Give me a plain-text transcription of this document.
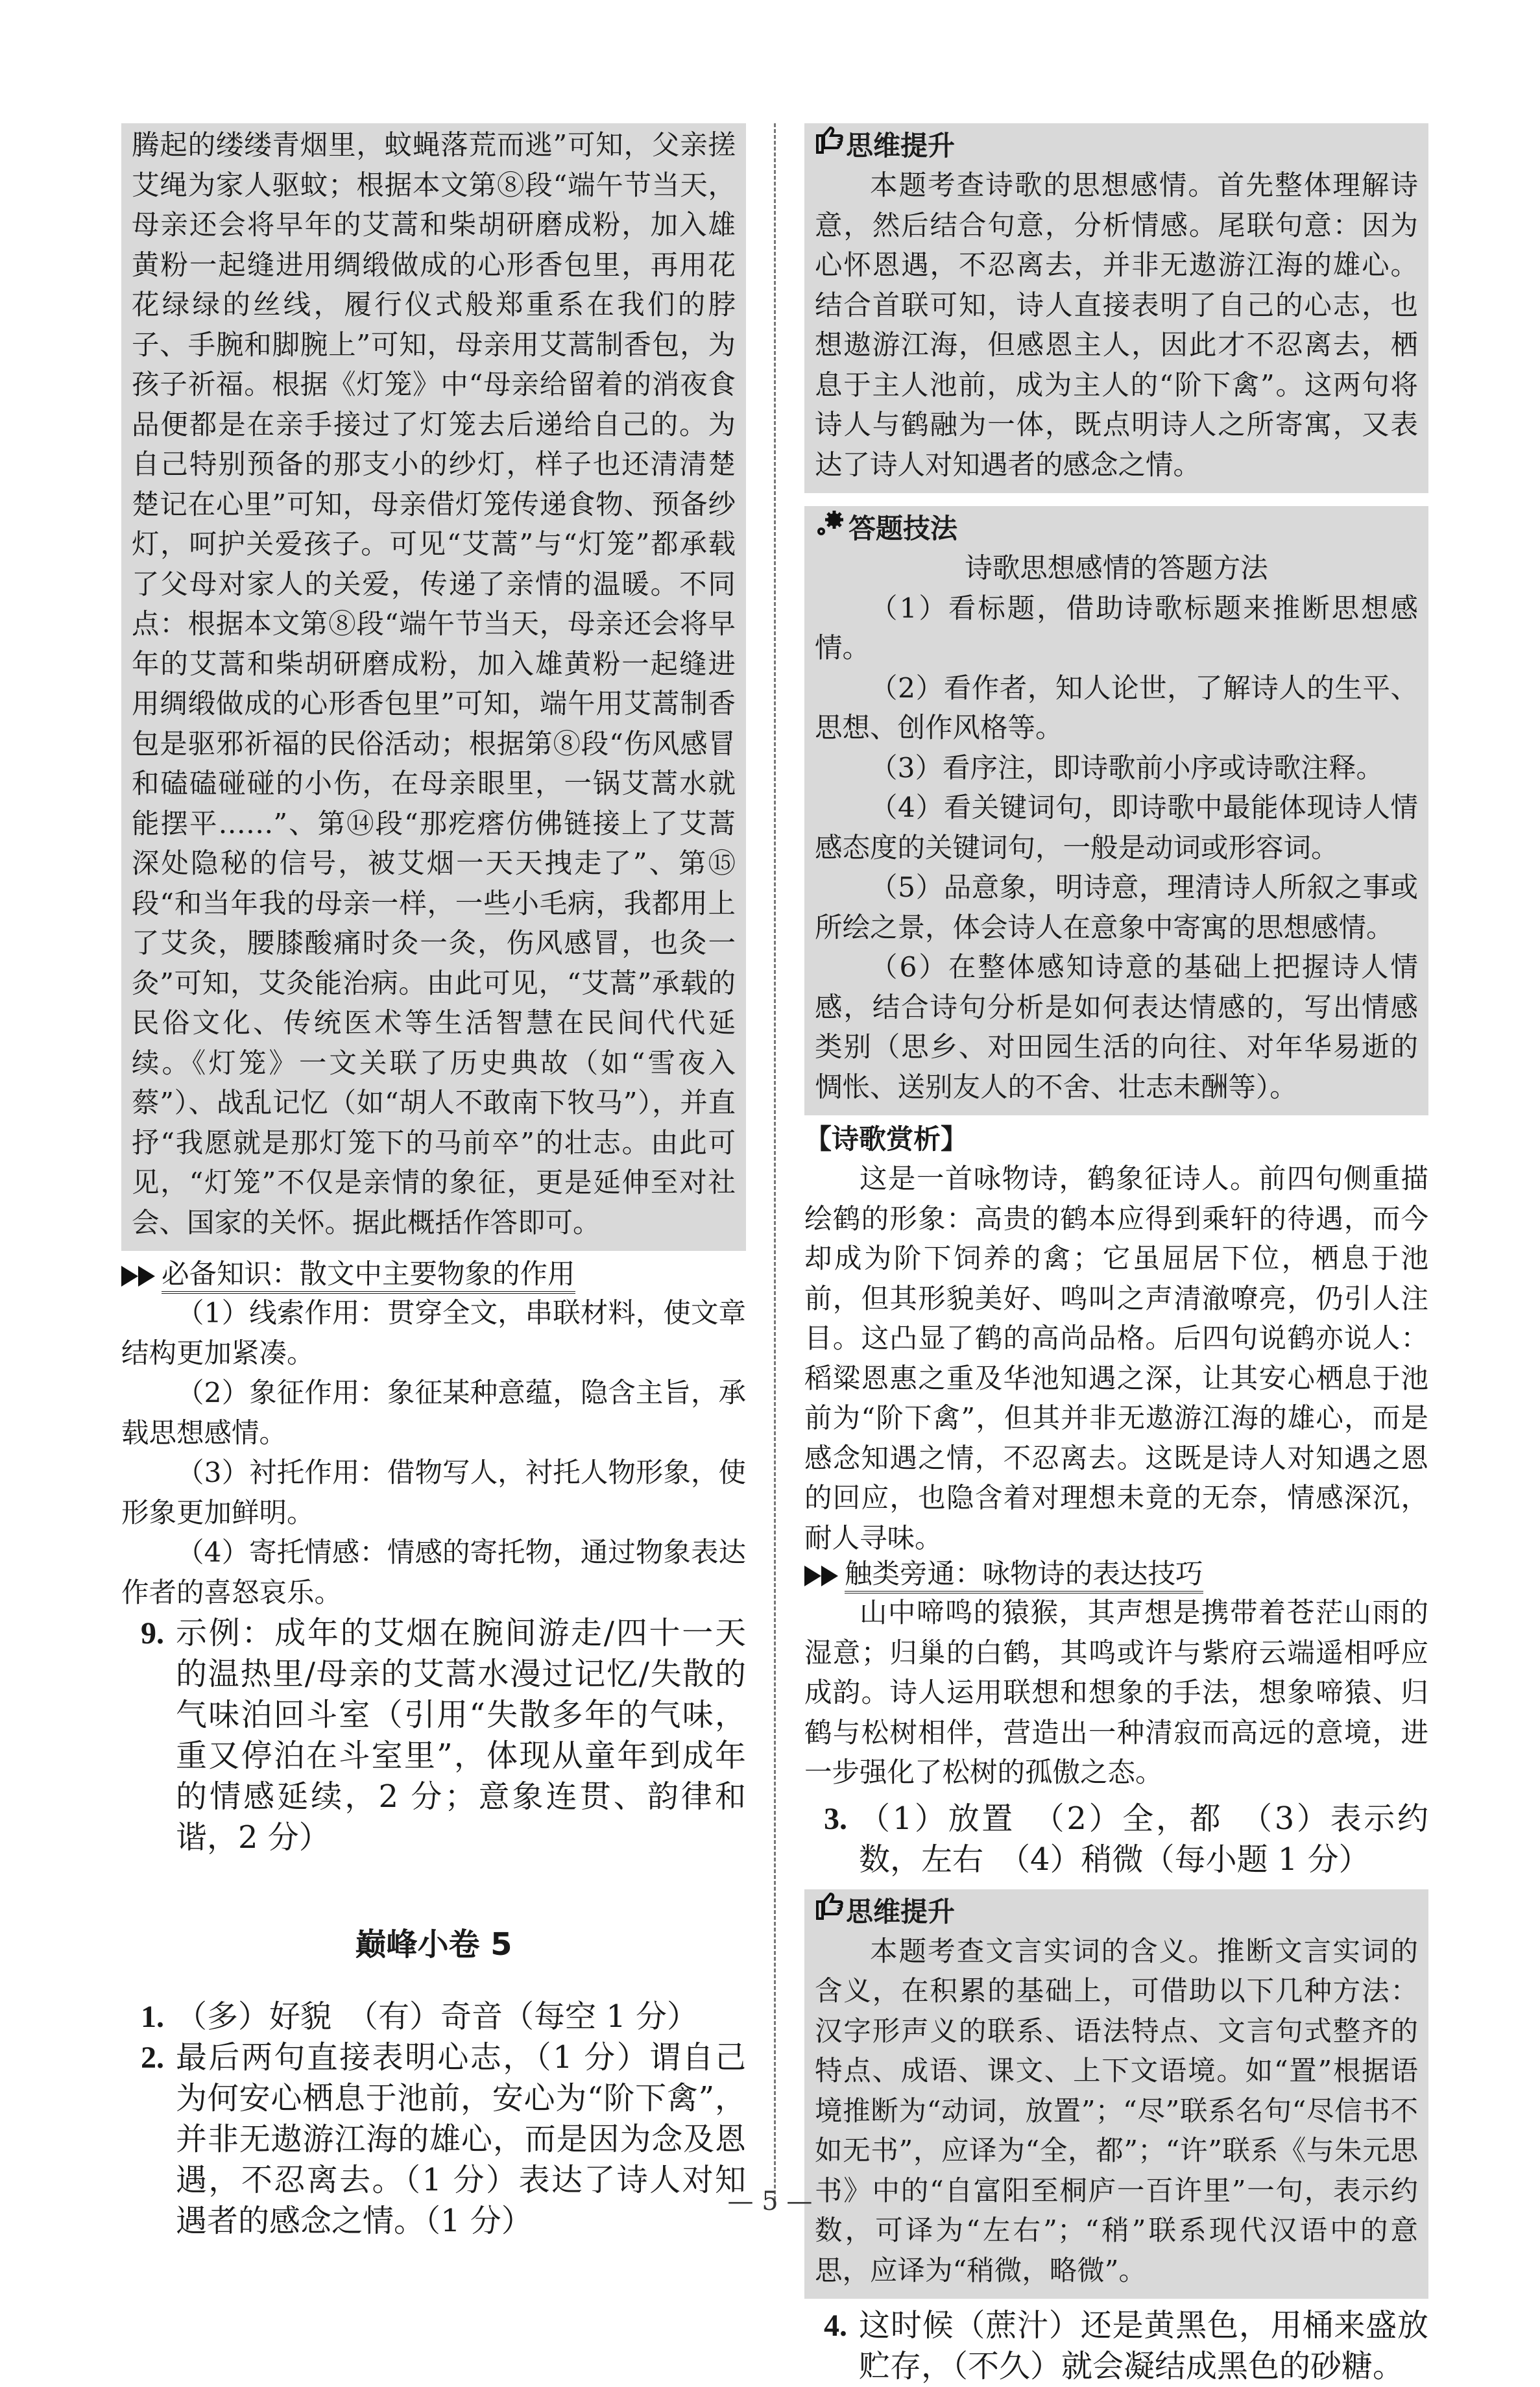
腾起的缕缕青烟里，蚊蝇落荒而逃”可知，父亲搓艾绳为家人驱蚊；根据本文第⑧段“端午节当天，母亲还会将早年的艾蒿和柴胡研磨成粉，加入雄黄粉一起缝进用绸缎做成的心形香包里，再用花花绿绿的丝线，履行仪式般郑重系在我们的脖子、手腕和脚腕上”可知，母亲用艾蒿制香包，为孩子祈福。根据《灯笼》中“母亲给留着的消夜食品便都是在亲手接过了灯笼去后递给自己的。为自己特别预备的那支小的纱灯，样子也还清清楚楚记在心里”可知，母亲借灯笼传递食物、预备纱灯，呵护关爱孩子。可见“艾蒿”与“灯笼”都承载了父母对家人的关爱，传递了亲情的温暖。不同点：根据本文第⑧段“端午节当天，母亲还会将早年的艾蒿和柴胡研磨成粉，加入雄黄粉一起缝进用绸缎做成的心形香包里”可知，端午用艾蒿制香包是驱邪祈福的民俗活动；根据第⑧段“伤风感冒和磕磕碰碰的小伤，在母亲眼里，一锅艾蒿水就能摆平……”、第⑭段“那疙瘩仿佛链接上了艾蒿深处隐秘的信号，被艾烟一天天拽走了”、第⑮段“和当年我的母亲一样，一些小毛病，我都用上了艾灸，腰膝酸痛时灸一灸，伤风感冒，也灸一灸”可知，艾灸能治病。由此可见，“艾蒿”承载的民俗文化、传统医术等生活智慧在民间代代延续。《灯笼》一文关联了历史典故（如“雪夜入蔡”）、战乱记忆（如“胡人不敢南下牧马”），并直抒“我愿就是那灯笼下的马前卒”的壮志。由此可见，“灯笼”不仅是亲情的象征，更是延伸至对社会、国家的关怀。据此概括作答即可。

必备知识：散文中主要物象的作用

（1）线索作用：贯穿全文，串联材料，使文章结构更加紧凑。

（2）象征作用：象征某种意蕴，隐含主旨，承载思想感情。

（3）衬托作用：借物写人，衬托人物形象，使形象更加鲜明。

（4）寄托情感：情感的寄托物，通过物象表达作者的喜怒哀乐。

9. 示例：成年的艾烟在腕间游走/四十一天的温热里/母亲的艾蒿水漫过记忆/失散的气味泊回斗室（引用“失散多年的气味，重又停泊在斗室里”，体现从童年到成年的情感延续，2 分；意象连贯、韵律和谐，2 分）
巅峰小卷 5
1. （多）好貌　（有）奇音（每空 1 分）
2. 最后两句直接表明心志，（1 分）谓自己为何安心栖息于池前，安心为“阶下禽”，并非无遨游江海的雄心，而是因为念及恩遇，不忍离去。（1 分）表达了诗人对知遇者的感念之情。（1 分）
思维提升

本题考查诗歌的思想感情。首先整体理解诗意，然后结合句意，分析情感。尾联句意：因为心怀恩遇，不忍离去，并非无遨游江海的雄心。结合首联可知，诗人直接表明了自己的心志，也想遨游江海，但感恩主人，因此才不忍离去，栖息于主人池前，成为主人的“阶下禽”。这两句将诗人与鹤融为一体，既点明诗人之所寄寓，又表达了诗人对知遇者的感念之情。

答题技法

诗歌思想感情的答题方法

（1）看标题，借助诗歌标题来推断思想感情。

（2）看作者，知人论世，了解诗人的生平、思想、创作风格等。

（3）看序注，即诗歌前小序或诗歌注释。

（4）看关键词句，即诗歌中最能体现诗人情感态度的关键词句，一般是动词或形容词。

（5）品意象，明诗意，理清诗人所叙之事或所绘之景，体会诗人在意象中寄寓的思想感情。

（6）在整体感知诗意的基础上把握诗人情感，结合诗句分析是如何表达情感的，写出情感类别（思乡、对田园生活的向往、对年华易逝的惆怅、送别友人的不舍、壮志未酬等）。

【诗歌赏析】

这是一首咏物诗，鹤象征诗人。前四句侧重描绘鹤的形象：高贵的鹤本应得到乘轩的待遇，而今却成为阶下饲养的禽；它虽屈居下位，栖息于池前，但其形貌美好、鸣叫之声清澈嘹亮，仍引人注目。这凸显了鹤的高尚品格。后四句说鹤亦说人：稻粱恩惠之重及华池知遇之深，让其安心栖息于池前为“阶下禽”，但其并非无遨游江海的雄心，而是感念知遇之情，不忍离去。这既是诗人对知遇之恩的回应，也隐含着对理想未竟的无奈，情感深沉，耐人寻味。

触类旁通：咏物诗的表达技巧

山中啼鸣的猿猴，其声想是携带着苍茫山雨的湿意；归巢的白鹤，其鸣或许与紫府云端遥相呼应成韵。诗人运用联想和想象的手法，想象啼猿、归鹤与松树相伴，营造出一种清寂而高远的意境，进一步强化了松树的孤傲之态。

3. （1）放置　（2）全，都　（3）表示约数，左右　（4）稍微（每小题 1 分）
思维提升

本题考查文言实词的含义。推断文言实词的含义，在积累的基础上，可借助以下几种方法：汉字形声义的联系、语法特点、文言句式整齐的特点、成语、课文、上下文语境。如“置”根据语境推断为“动词，放置”；“尽”联系名句“尽信书不如无书”，应译为“全，都”；“许”联系《与朱元思书》中的“自富阳至桐庐一百许里”一句，表示约数，可译为“左右”；“稍”联系现代汉语中的意思，应译为“稍微，略微”。

4. 这时候（蔗汁）还是黄黑色，用桶来盛放贮存，（不久）就会凝结成黑色的砂糖。
— 5 —
